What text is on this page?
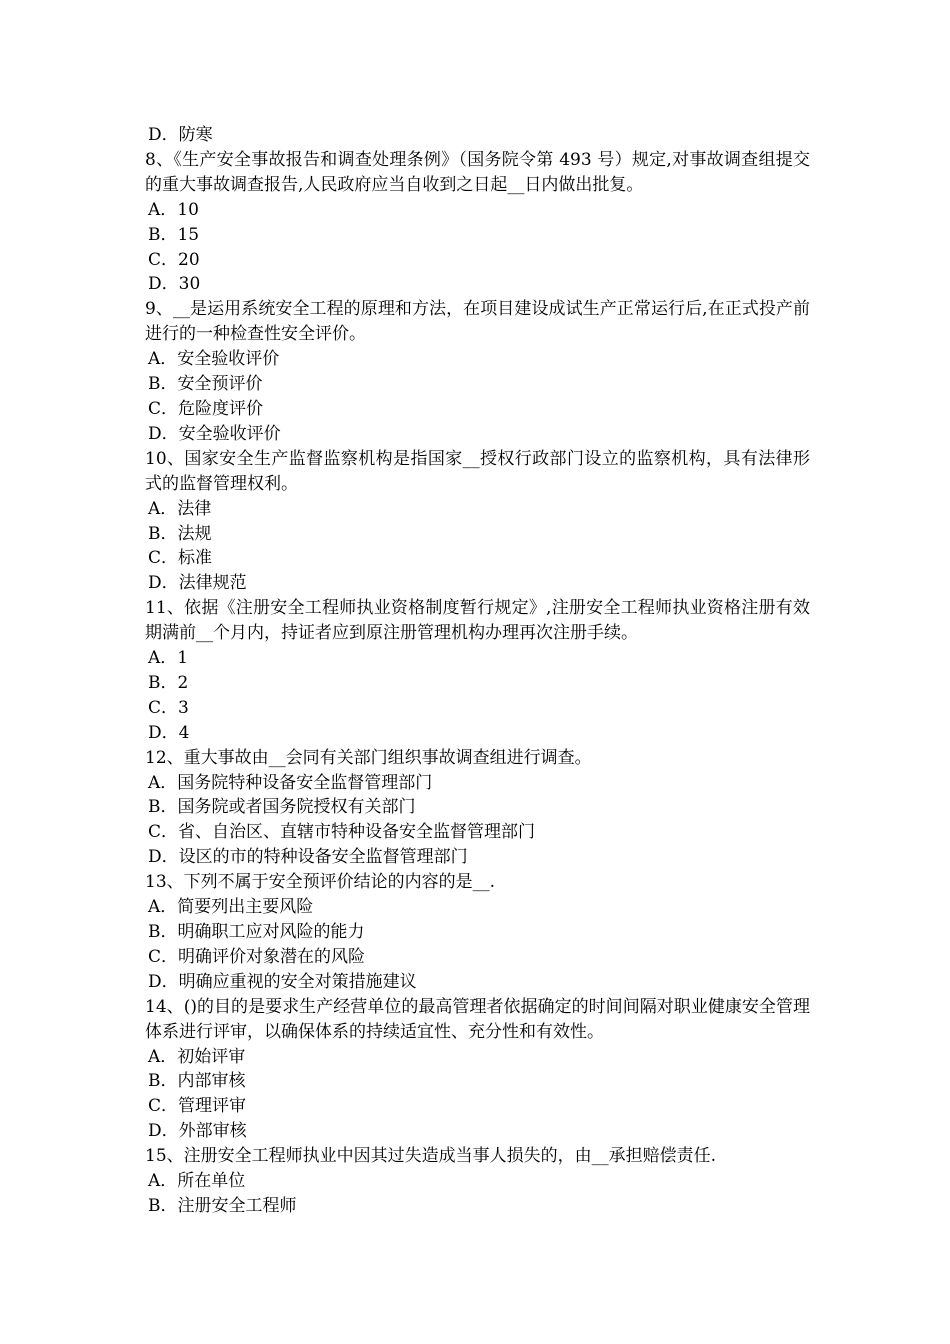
D．防寒
8、《生产安全事故报告和调查处理条例》（国务院令第 493 号）规定,对事故调查组提交的重大事故调查报告,人民政府应当自收到之日起__日内做出批复。
A．10
B．15
C．20
D．30
9、__是运用系统安全工程的原理和方法，在项目建设成试生产正常运行后,在正式投产前进行的一种检查性安全评价。
A．安全验收评价
B．安全预评价
C．危险度评价
D．安全验收评价
10、国家安全生产监督监察机构是指国家__授权行政部门设立的监察机构，具有法律形式的监督管理权利。
A．法律
B．法规
C．标准
D．法律规范
11、依据《注册安全工程师执业资格制度暂行规定》,注册安全工程师执业资格注册有效期满前__个月内，持证者应到原注册管理机构办理再次注册手续。
A．1
B．2
C．3
D．4
12、重大事故由__会同有关部门组织事故调查组进行调查。
A．国务院特种设备安全监督管理部门
B．国务院或者国务院授权有关部门
C．省、自治区、直辖市特种设备安全监督管理部门
D．设区的市的特种设备安全监督管理部门
13、下列不属于安全预评价结论的内容的是__.
A．简要列出主要风险
B．明确职工应对风险的能力
C．明确评价对象潜在的风险
D．明确应重视的安全对策措施建议
14、()的目的是要求生产经营单位的最高管理者依据确定的时间间隔对职业健康安全管理体系进行评审，以确保体系的持续适宜性、充分性和有效性。
A．初始评审
B．内部审核
C．管理评审
D．外部审核
15、注册安全工程师执业中因其过失造成当事人损失的，由__承担赔偿责任.
A．所在单位
B．注册安全工程师
